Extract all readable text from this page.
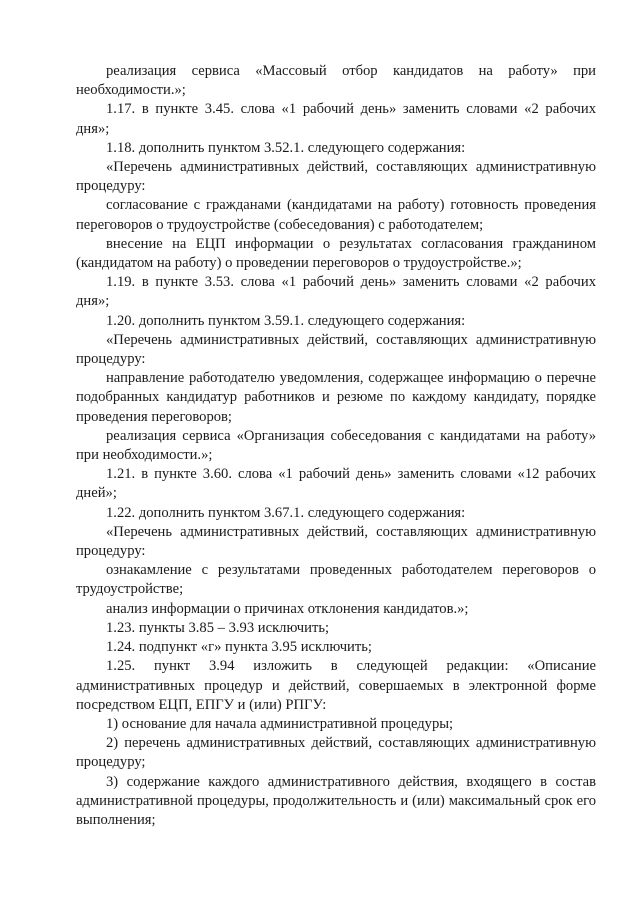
реализация сервиса «Массовый отбор кандидатов на работу» при необходимости.»;

1.17. в пункте 3.45. слова «1 рабочий день» заменить словами «2 рабочих дня»;

1.18. дополнить пунктом 3.52.1. следующего содержания:

«Перечень административных действий, составляющих административную процедуру:

согласование с гражданами (кандидатами на работу) готовность проведения переговоров о трудоустройстве (собеседования) с работодателем;

внесение на ЕЦП информации о результатах согласования гражданином (кандидатом на работу) о проведении переговоров о трудоустройстве.»;

1.19. в пункте 3.53. слова «1 рабочий день» заменить словами «2 рабочих дня»;

1.20. дополнить пунктом 3.59.1. следующего содержания:

«Перечень административных действий, составляющих административную процедуру:

направление работодателю уведомления, содержащее информацию о перечне подобранных кандидатур работников и резюме по каждому кандидату, порядке проведения переговоров;

реализация сервиса «Организация собеседования с кандидатами на работу» при необходимости.»;

1.21. в пункте 3.60. слова «1 рабочий день» заменить словами «12 рабочих дней»;

1.22. дополнить пунктом 3.67.1. следующего содержания:

«Перечень административных действий, составляющих административную процедуру:

ознакамление с результатами проведенных работодателем переговоров о трудоустройстве;

анализ информации о причинах отклонения кандидатов.»;

1.23. пункты 3.85 – 3.93 исключить;

1.24. подпункт «г» пункта 3.95 исключить;

1.25. пункт 3.94 изложить в следующей редакции: «Описание административных процедур и действий, совершаемых в электронной форме посредством ЕЦП, ЕПГУ и (или) РПГУ:

1) основание для начала административной процедуры;

2) перечень административных действий, составляющих административную процедуру;

3) содержание каждого административного действия, входящего в состав административной процедуры, продолжительность и (или) максимальный срок его выполнения;
